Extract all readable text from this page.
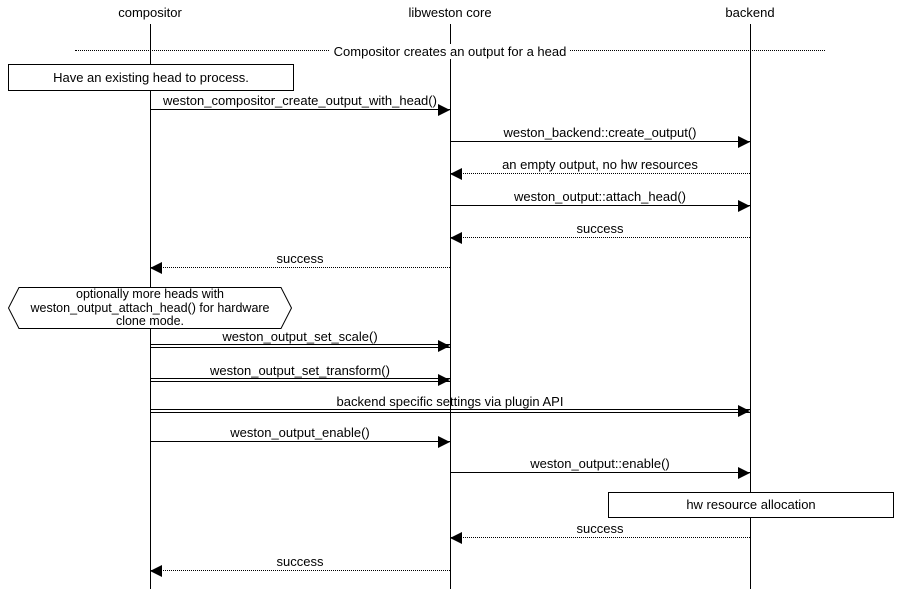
compositor	libweston core	backend
Compositor creates an output for a head
Have an existing head to process.
weston_compositor_create_output_with_head()
weston_backend::create_output()
an empty output, no hw resources
weston_output::attach_head()
success
success
optionally more heads with
weston_output_attach_head() for hardware
clone mode.
weston_output_set_scale()
weston_output_set_transform()
backend specific settings via plugin API
weston_output_enable()
weston_output::enable()
hw resource allocation
success
success
